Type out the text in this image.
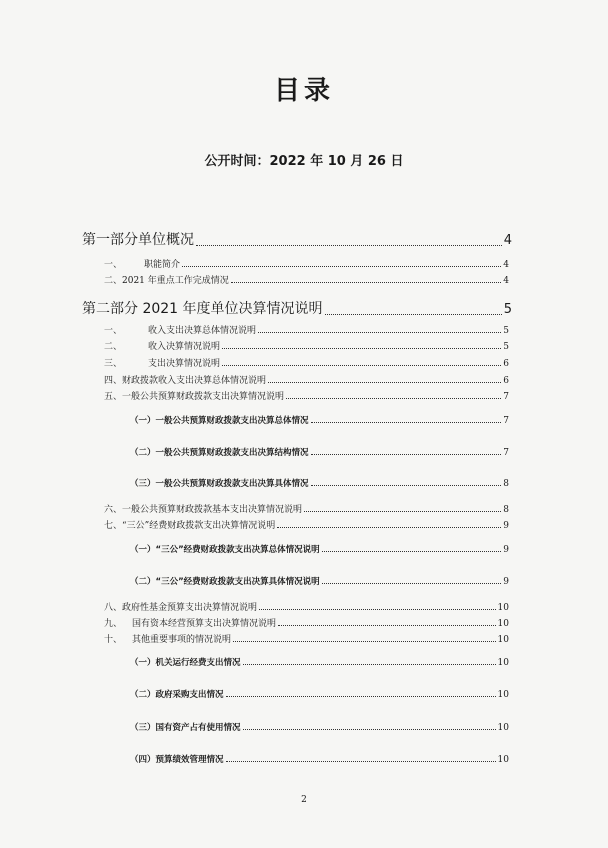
目录
公开时间：2022 年 10 月 26 日
第一部分单位概况	4
一、	职能简介	4
二、2021 年重点工作完成情况	4
第二部分 2021 年度单位决算情况说明	5
一、	收入支出决算总体情况说明	5
二、	收入决算情况说明	5
三、	支出决算情况说明	6
四、财政拨款收入支出决算总体情况说明	6
五、一般公共预算财政拨款支出决算情况说明	7
（一）一般公共预算财政拨款支出决算总体情况	7
（二）一般公共预算财政拨款支出决算结构情况	7
（三）一般公共预算财政拨款支出决算具体情况	8
六、一般公共预算财政拨款基本支出决算情况说明	8
七、“三公”经费财政拨款支出决算情况说明	9
（一）“三公”经费财政拨款支出决算总体情况说明	9
（二）“三公”经费财政拨款支出决算具体情况说明	9
八、政府性基金预算支出决算情况说明	10
九、	国有资本经营预算支出决算情况说明	10
十、	其他重要事项的情况说明	10
（一）机关运行经费支出情况	10
（二）政府采购支出情况	10
（三）国有资产占有使用情况	10
（四）预算绩效管理情况	10
2
